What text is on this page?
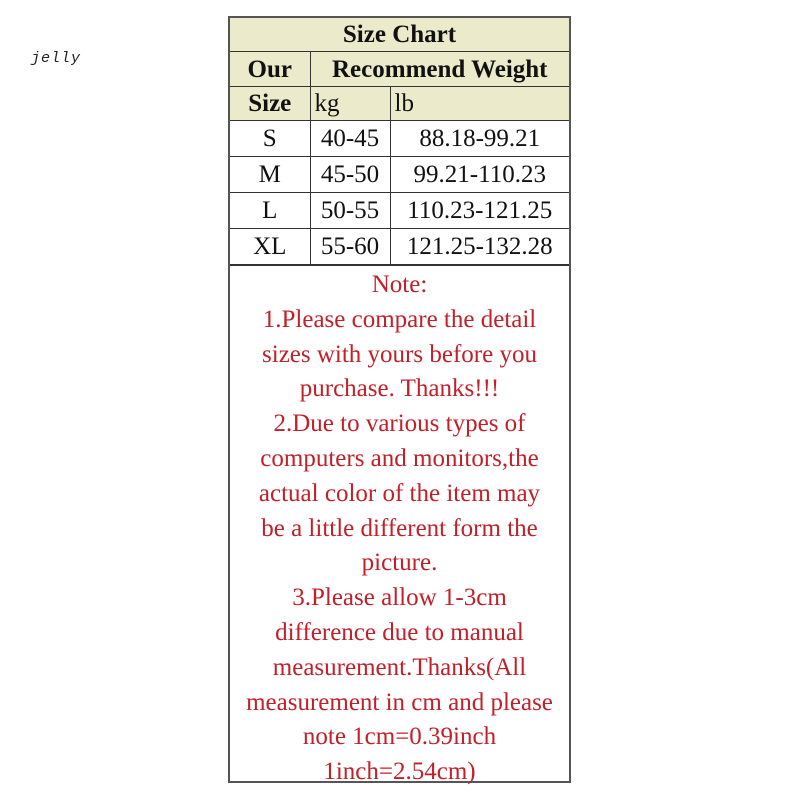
jelly
Size Chart		
Our	Recommend Weight	
Size	kg	lb
S	40-45	88.18-99.21
M	45-50	99.21-110.23
L	50-55	110.23-121.25
XL	55-60	121.25-132.28
Note:
1.Please compare the detail
sizes with yours before you
purchase. Thanks!!!
2.Due to various types of
computers and monitors,the
actual color of the item may
be a little different form the
picture.
3.Please allow 1-3cm
difference due to manual
measurement.Thanks(All
measurement in cm and please
note 1cm=0.39inch
1inch=2.54cm)
